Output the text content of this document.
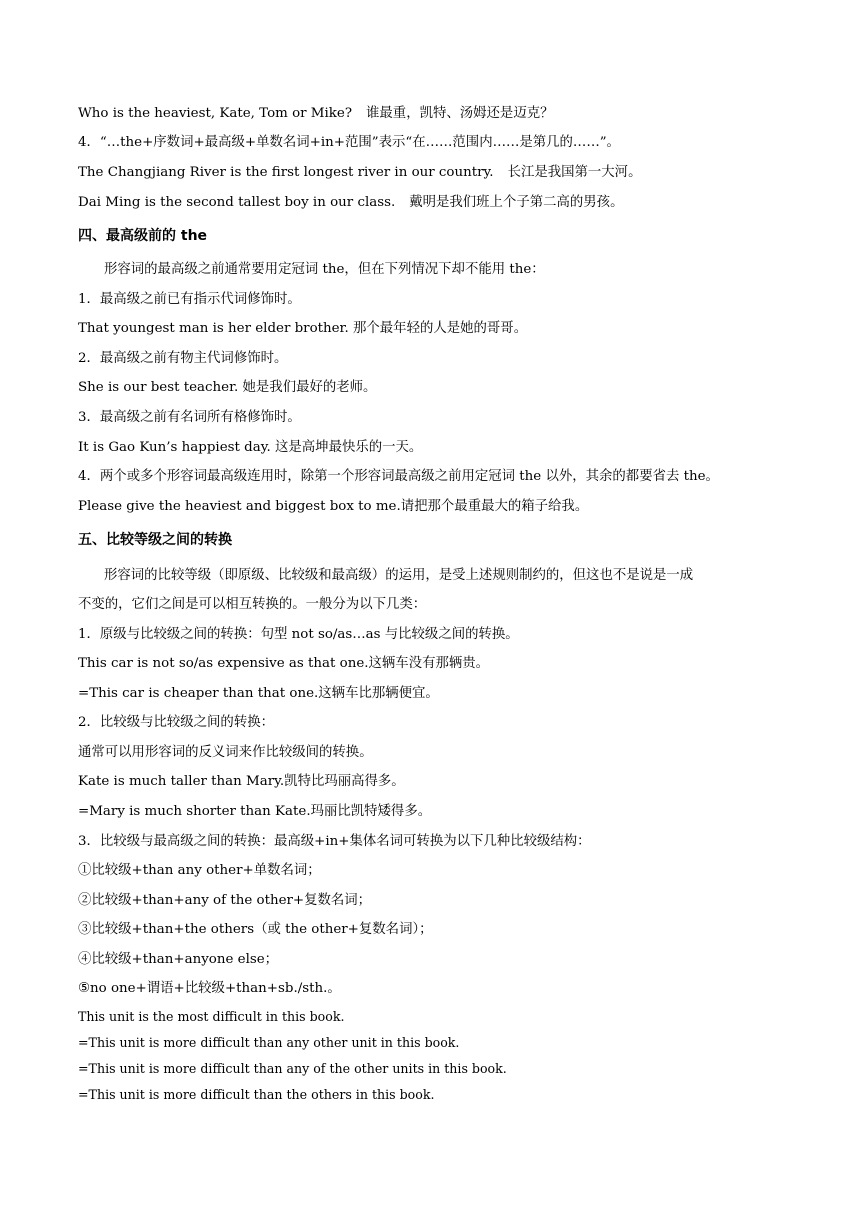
Who is the heaviest, Kate, Tom or Mike? 谁最重，凯特、汤姆还是迈克？
4．“…the+序数词+最高级+单数名词+in+范围”表示“在……范围内……是第几的……”。
The Changjiang River is the first longest river in our country. 长江是我国第一大河。
Dai Ming is the second tallest boy in our class. 戴明是我们班上个子第二高的男孩。
四、最高级前的 the
形容词的最高级之前通常要用定冠词 the，但在下列情况下却不能用 the：
1．最高级之前已有指示代词修饰时。
That youngest man is her elder brother. 那个最年轻的人是她的哥哥。
2．最高级之前有物主代词修饰时。
She is our best teacher. 她是我们最好的老师。
3．最高级之前有名词所有格修饰时。
It is Gao Kun’s happiest day. 这是高坤最快乐的一天。
4．两个或多个形容词最高级连用时，除第一个形容词最高级之前用定冠词 the 以外，其余的都要省去 the。
Please give the heaviest and biggest box to me.请把那个最重最大的箱子给我。
五、比较等级之间的转换
形容词的比较等级（即原级、比较级和最高级）的运用，是受上述规则制约的，但这也不是说是一成
不变的，它们之间是可以相互转换的。一般分为以下几类：
1．原级与比较级之间的转换：句型 not so/as…as 与比较级之间的转换。
This car is not so/as expensive as that one.这辆车没有那辆贵。
=This car is cheaper than that one.这辆车比那辆便宜。
2．比较级与比较级之间的转换：
通常可以用形容词的反义词来作比较级间的转换。
Kate is much taller than Mary.凯特比玛丽高得多。
=Mary is much shorter than Kate.玛丽比凯特矮得多。
3．比较级与最高级之间的转换：最高级+in+集体名词可转换为以下几种比较级结构：
①比较级+than any other+单数名词；
②比较级+than+any of the other+复数名词；
③比较级+than+the others（或 the other+复数名词）；
④比较级+than+anyone else；
⑤no one+谓语+比较级+than+sb./sth.。
This unit is the most difficult in this book.
=This unit is more difficult than any other unit in this book.
=This unit is more difficult than any of the other units in this book.
=This unit is more difficult than the others in this book.
